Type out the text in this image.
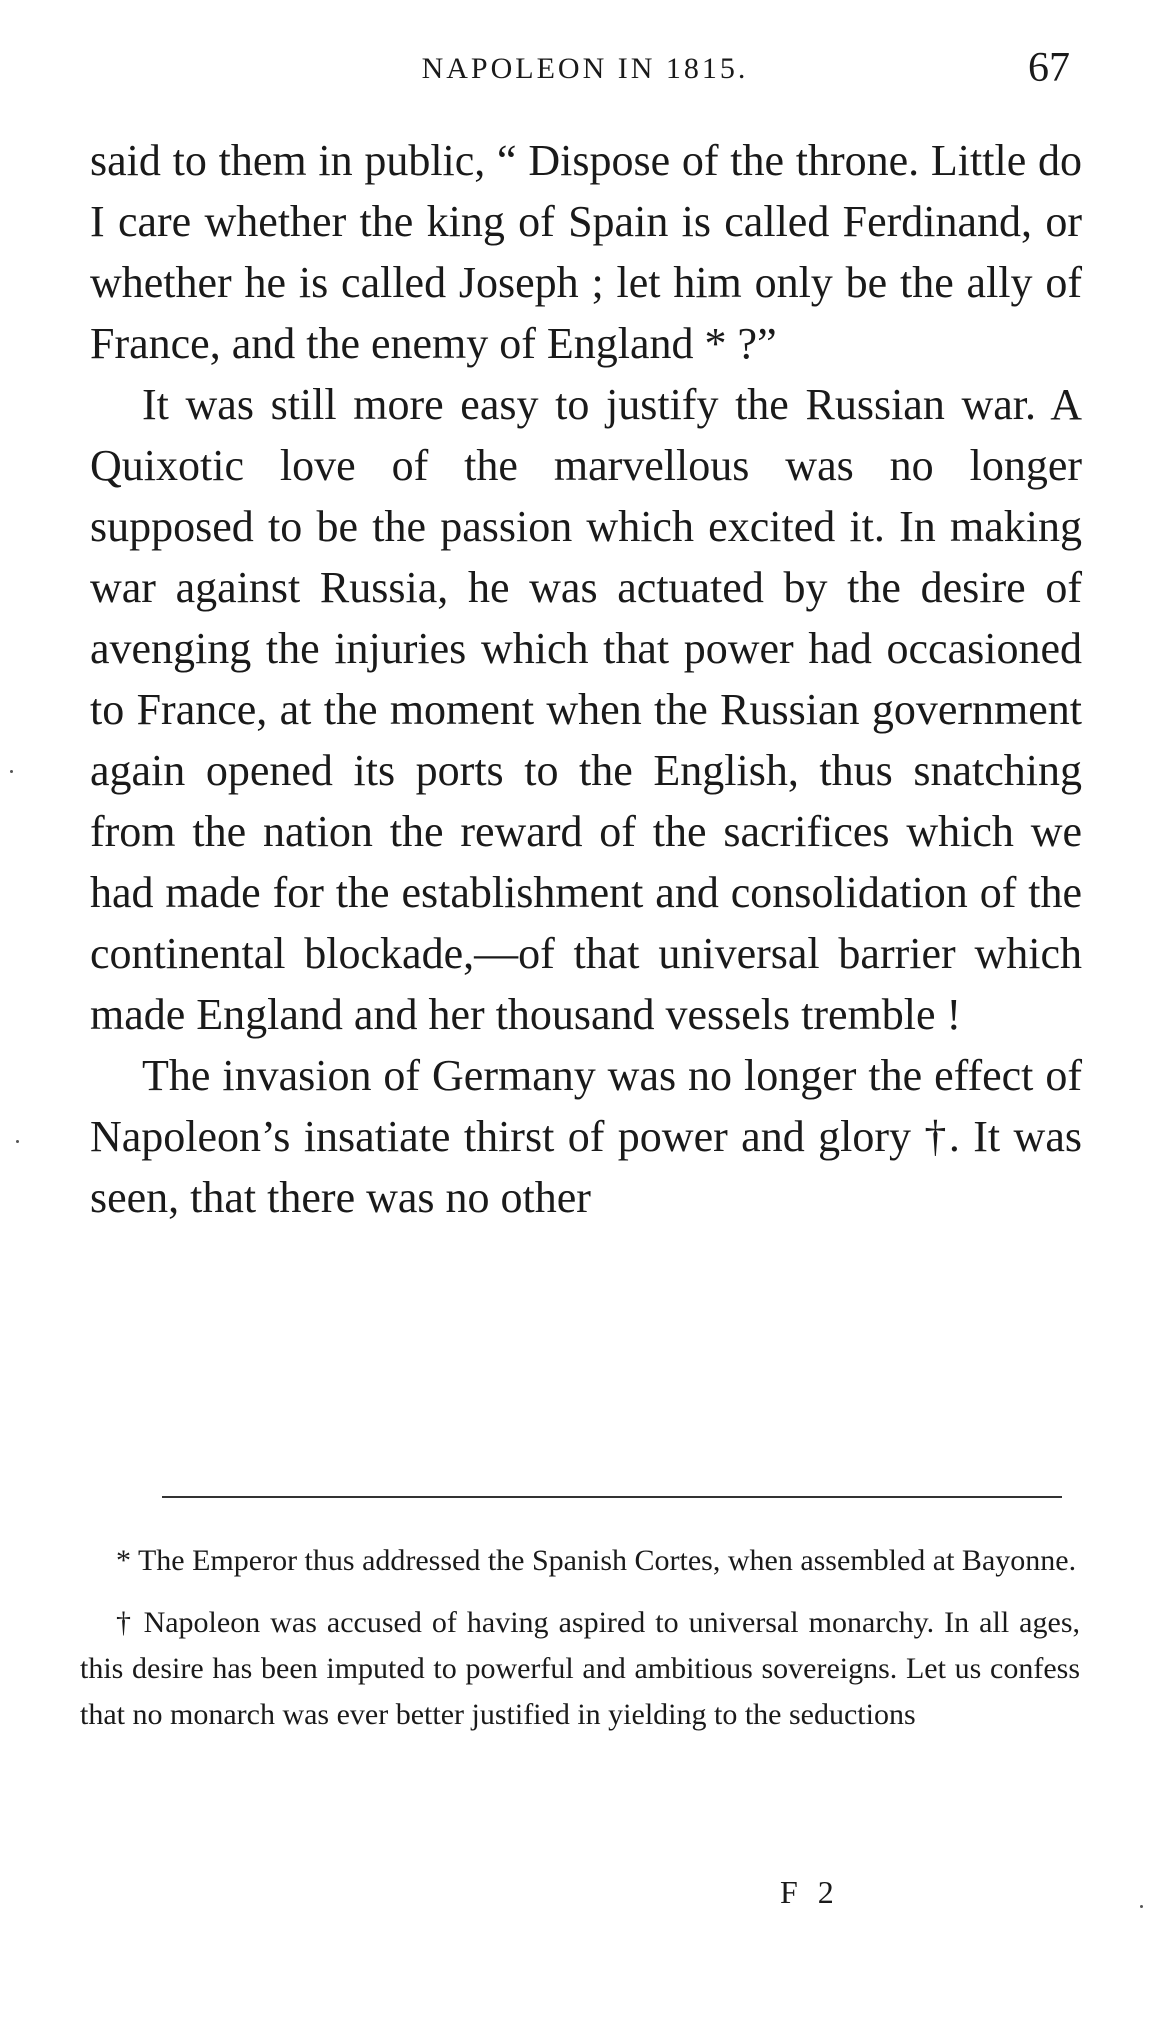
NAPOLEON IN 1815.	67

said to them in public, “ Dispose of the throne. Little do I care whether the king of Spain is called Ferdinand, or whether he is called Joseph ; let him only be the ally of France, and the enemy of England * ?”

It was still more easy to justify the Russian war. A Quixotic love of the marvellous was no longer supposed to be the passion which excited it. In making war against Russia, he was actuated by the desire of avenging the injuries which that power had occasioned to France, at the moment when the Russian government again opened its ports to the English, thus snatching from the nation the reward of the sacrifices which we had made for the establishment and consolidation of the continental blockade,—of that universal barrier which made England and her thousand vessels tremble !

The invasion of Germany was no longer the effect of Napoleon’s insatiate thirst of power and glory †. It was seen, that there was no other

* The Emperor thus addressed the Spanish Cortes, when assembled at Bayonne.

† Napoleon was accused of having aspired to universal monarchy. In all ages, this desire has been imputed to powerful and ambitious sovereigns. Let us confess that no monarch was ever better justified in yielding to the seductions

F 2
